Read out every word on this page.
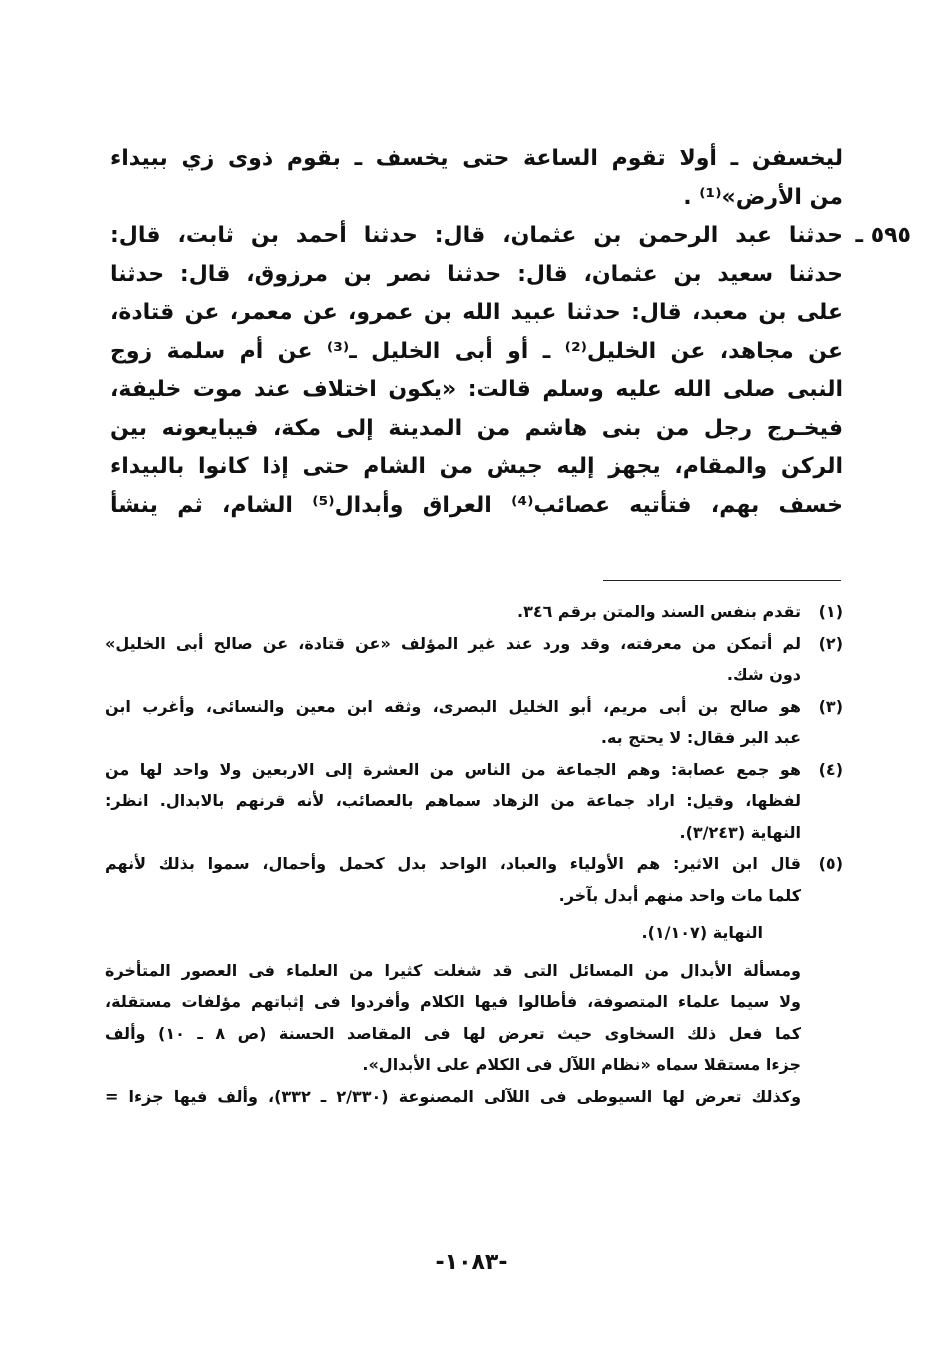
ليخسفن ـ أولا تقوم الساعة حتى يخسف ـ بقوم ذوى زي ببيداء
من الأرض»⁽¹⁾ .
٥٩٥ ـ
حدثنا عبد الرحمن بن عثمان، قال: حدثنا أحمد بن ثابت، قال:
حدثنا سعيد بن عثمان، قال: حدثنا نصر بن مرزوق، قال: حدثنا
على بن معبد، قال: حدثنا عبيد الله بن عمرو، عن معمر، عن قتادة،
عن مجاهد، عن الخليل⁽²⁾ ـ أو أبى الخليل ـ⁽³⁾ عن أم سلمة زوج
النبى صلى الله عليه وسلم قالت: «يكون اختلاف عند موت خليفة،
فيخـرج رجل من بنى هاشم من المدينة إلى مكة، فيبايعونه بين
الركن والمقام، يجهز إليه جيش من الشام حتى إذا كانوا بالبيداء
خسف بهم، فتأتيه عصائب⁽⁴⁾ العراق وأبدال⁽⁵⁾ الشام، ثم ينشأ
(١)
تقدم بنفس السند والمتن برقم ٣٤٦.
(٢)
لم أتمكن من معرفته، وقد ورد عند غير المؤلف «عن قتادة، عن صالح أبى الخليل»
دون شك.
(٣)
هو صالح بن أبى مريم، أبو الخليل البصرى، وثقه ابن معين والنسائى، وأغرب ابن
عبد البر فقال: لا يحتج به.
(٤)
هو جمع عصابة: وهم الجماعة من الناس من العشرة إلى الاربعين ولا واحد لها من
لفظها، وقيل: اراد جماعة من الزهاد سماهم بالعصائب، لأنه قرنهم بالابدال. انظر:
النهاية (٣/٢٤٣).
(٥)
قال ابن الاثير: هم الأولياء والعباد، الواحد بدل كحمل وأحمال، سموا بذلك لأنهم
كلما مات واحد منهم أبدل بآخر.
النهاية (١/١٠٧).
ومسألة الأبدال من المسائل التى قد شغلت كثيرا من العلماء فى العصور المتأخرة
ولا سيما علماء المتصوفة، فأطالوا فيها الكلام وأفردوا فى إثباتهم مؤلفات مستقلة،
كما فعل ذلك السخاوى حيث تعرض لها فى المقاصد الحسنة (ص ٨ ـ ١٠) وألف
جزءا مستقلا سماه «نظام اللآل فى الكلام على الأبدال».
وكذلك تعرض لها السيوطى فى اللآلى المصنوعة (٢/٣٣٠ ـ ٣٣٢)، وألف فيها جزءا =
-١٠٨٣-
